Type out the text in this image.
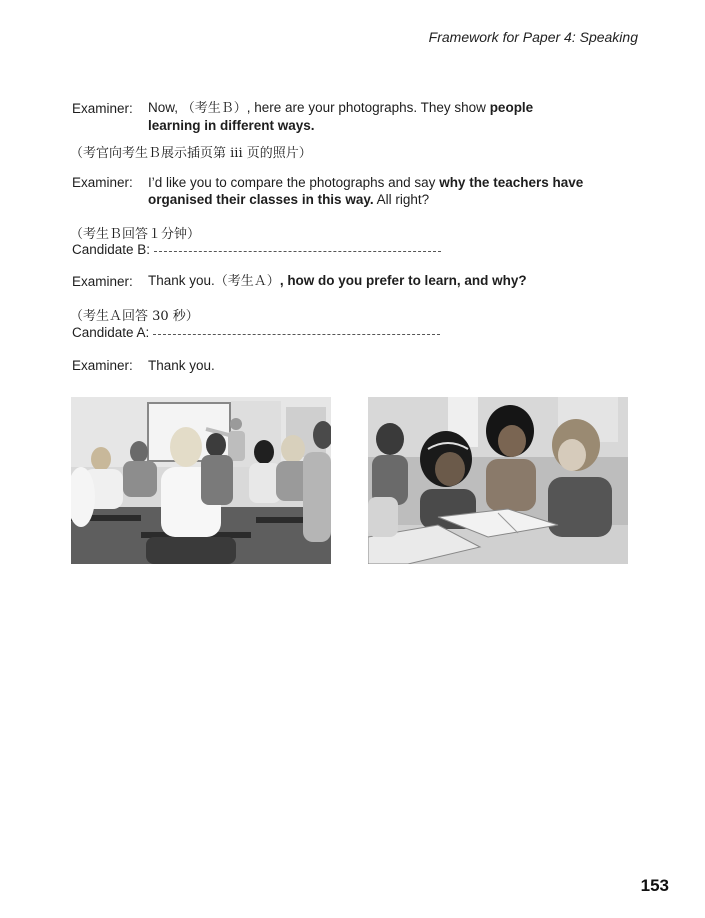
Framework for Paper 4: Speaking
Examiner: Now, （考生Ｂ）, here are your photographs. They show people
learning in different ways.
（考官向考生Ｂ展示插页第 iii 页的照片）
Examiner: I’d like you to compare the photographs and say why the teachers have
organised their classes in this way. All right?
（考生Ｂ回答１分钟）
Candidate B:
Examiner: Thank you.（考生Ａ）, how do you prefer to learn, and why?
（考生Ａ回答 30 秒）
Candidate A:
Examiner: Thank you.
153
